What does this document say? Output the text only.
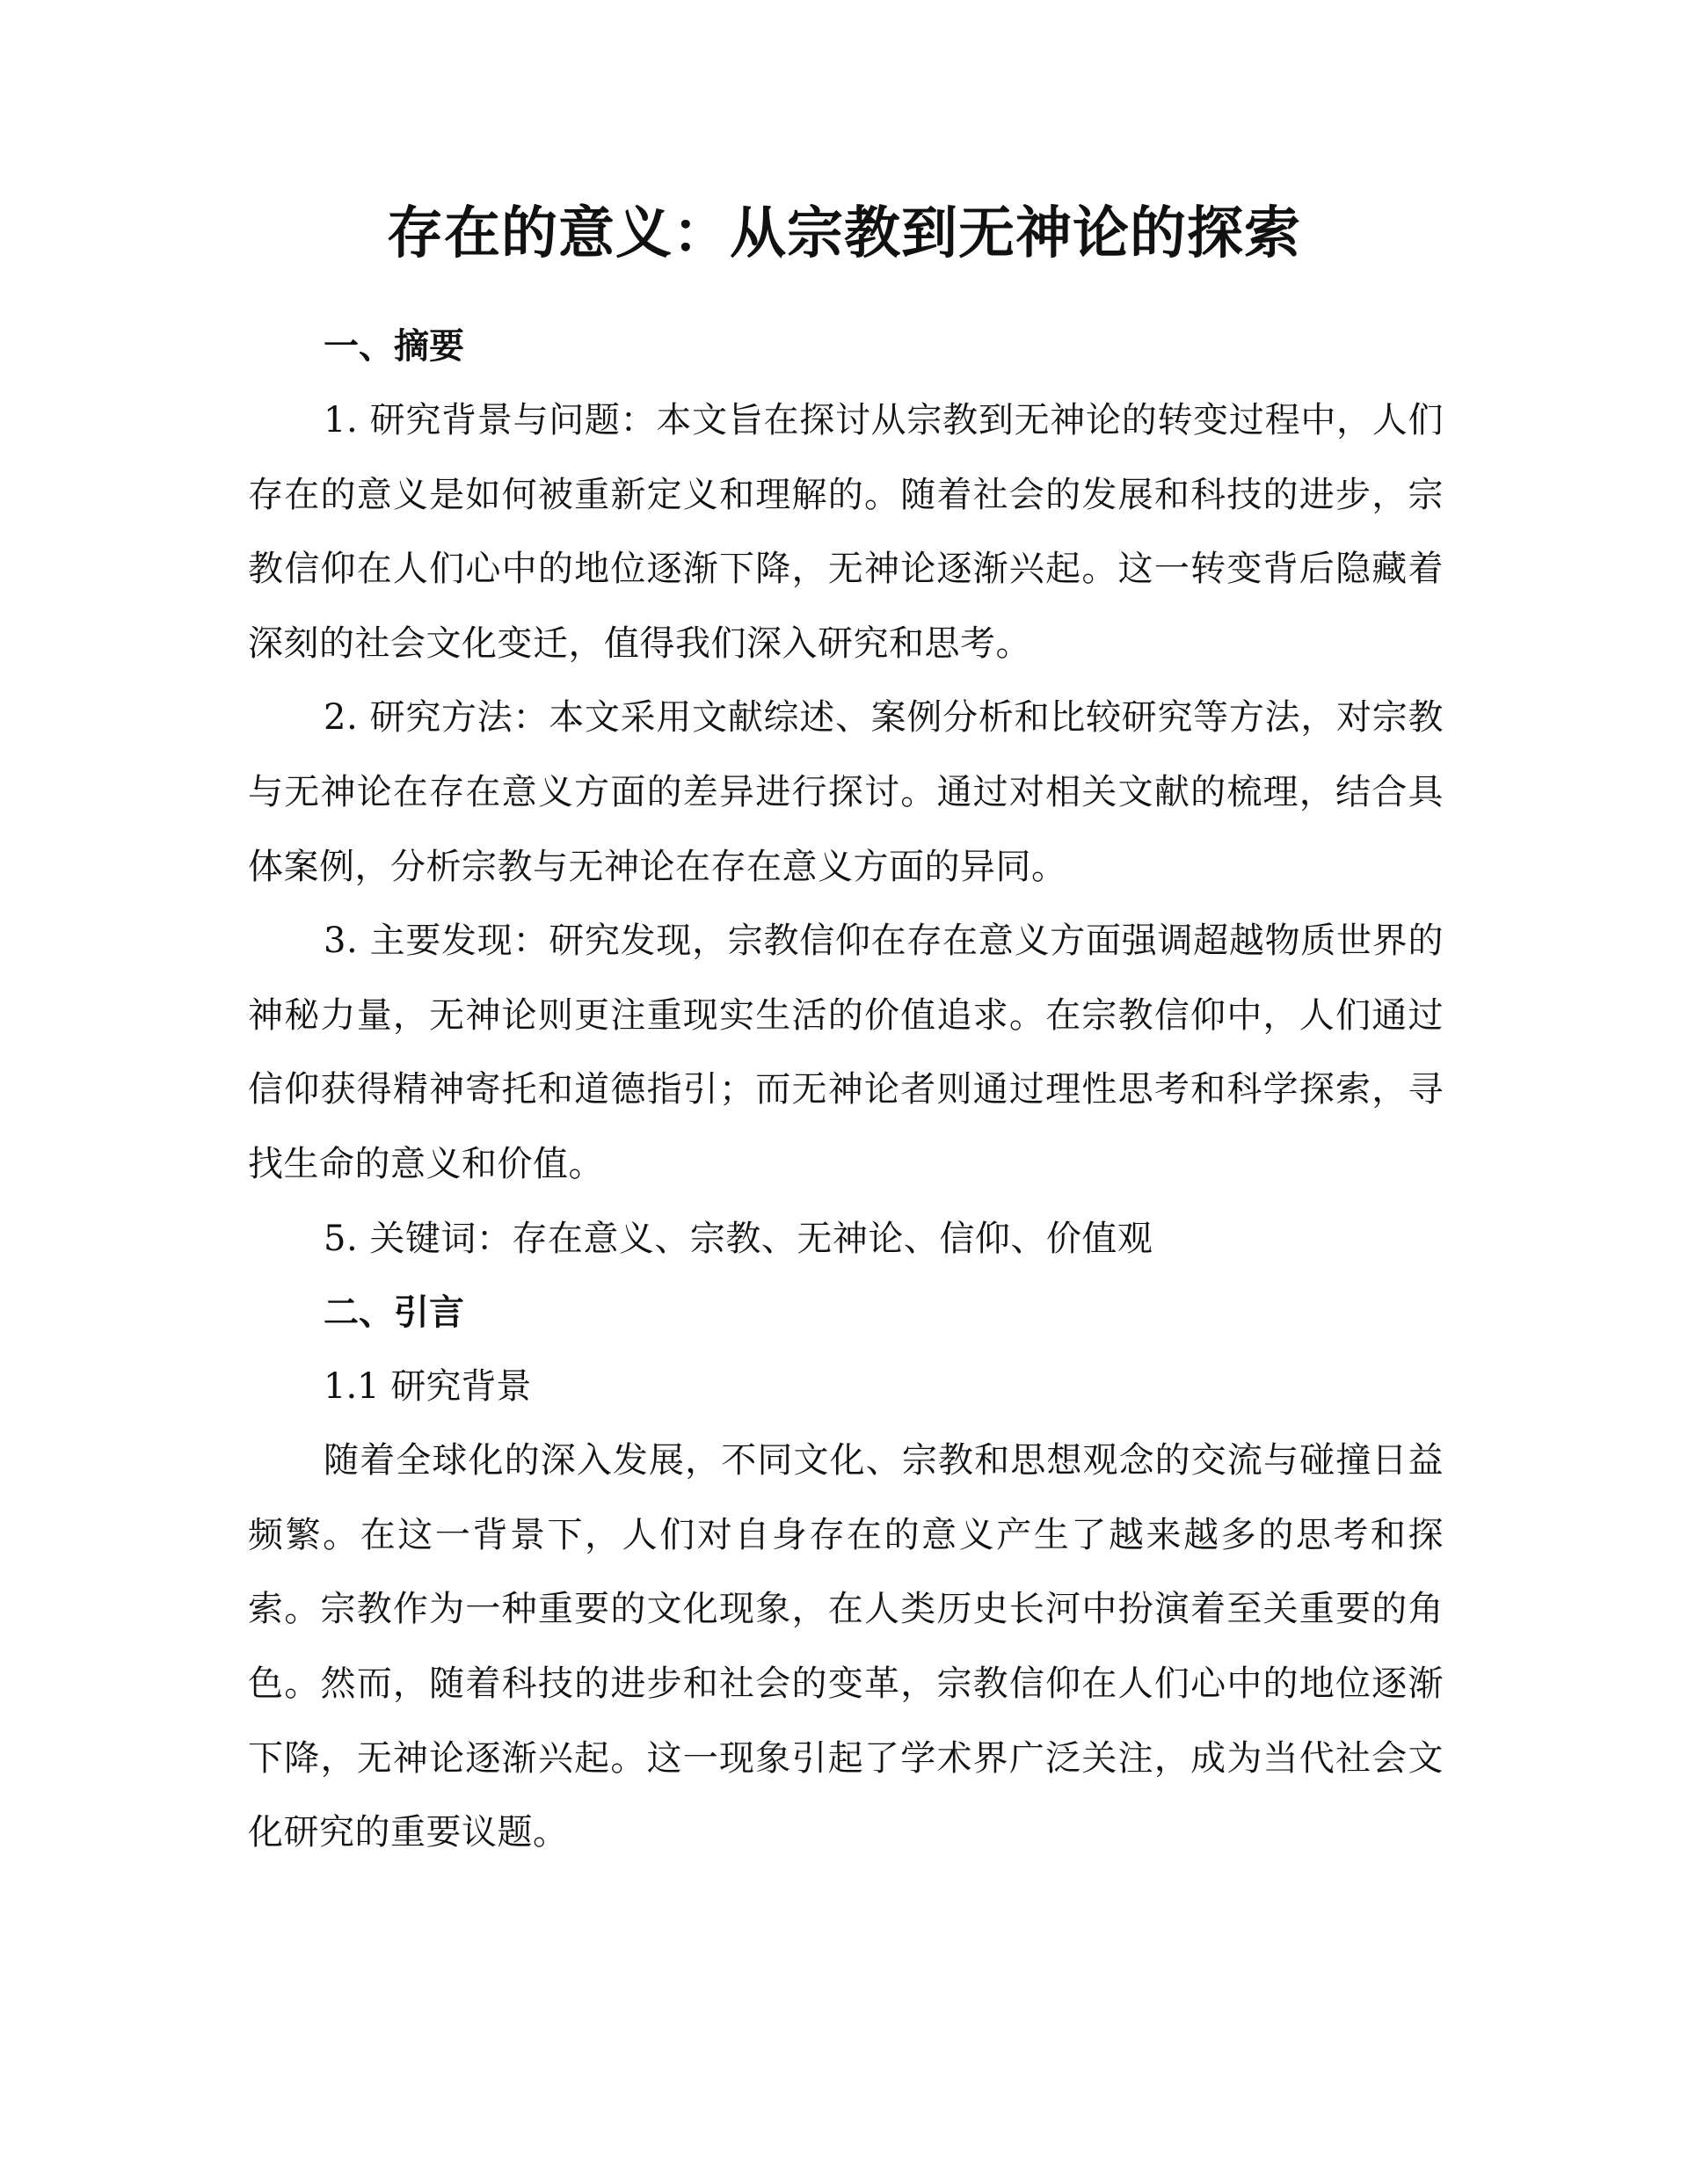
存在的意义：从宗教到无神论的探索
一、摘要

1. 研究背景与问题：本文旨在探讨从宗教到无神论的转变过程中，人们存在的意义是如何被重新定义和理解的。随着社会的发展和科技的进步，宗教信仰在人们心中的地位逐渐下降，无神论逐渐兴起。这一转变背后隐藏着深刻的社会文化变迁，值得我们深入研究和思考。

2. 研究方法：本文采用文献综述、案例分析和比较研究等方法，对宗教与无神论在存在意义方面的差异进行探讨。通过对相关文献的梳理，结合具体案例，分析宗教与无神论在存在意义方面的异同。

3. 主要发现：研究发现，宗教信仰在存在意义方面强调超越物质世界的神秘力量，无神论则更注重现实生活的价值追求。在宗教信仰中，人们通过信仰获得精神寄托和道德指引；而无神论者则通过理性思考和科学探索，寻找生命的意义和价值。

5. 关键词：存在意义、宗教、无神论、信仰、价值观

二、引言

1.1 研究背景

随着全球化的深入发展，不同文化、宗教和思想观念的交流与碰撞日益频繁。在这一背景下，人们对自身存在的意义产生了越来越多的思考和探索。宗教作为一种重要的文化现象，在人类历史长河中扮演着至关重要的角色。然而，随着科技的进步和社会的变革，宗教信仰在人们心中的地位逐渐下降，无神论逐渐兴起。这一现象引起了学术界广泛关注，成为当代社会文化研究的重要议题。
